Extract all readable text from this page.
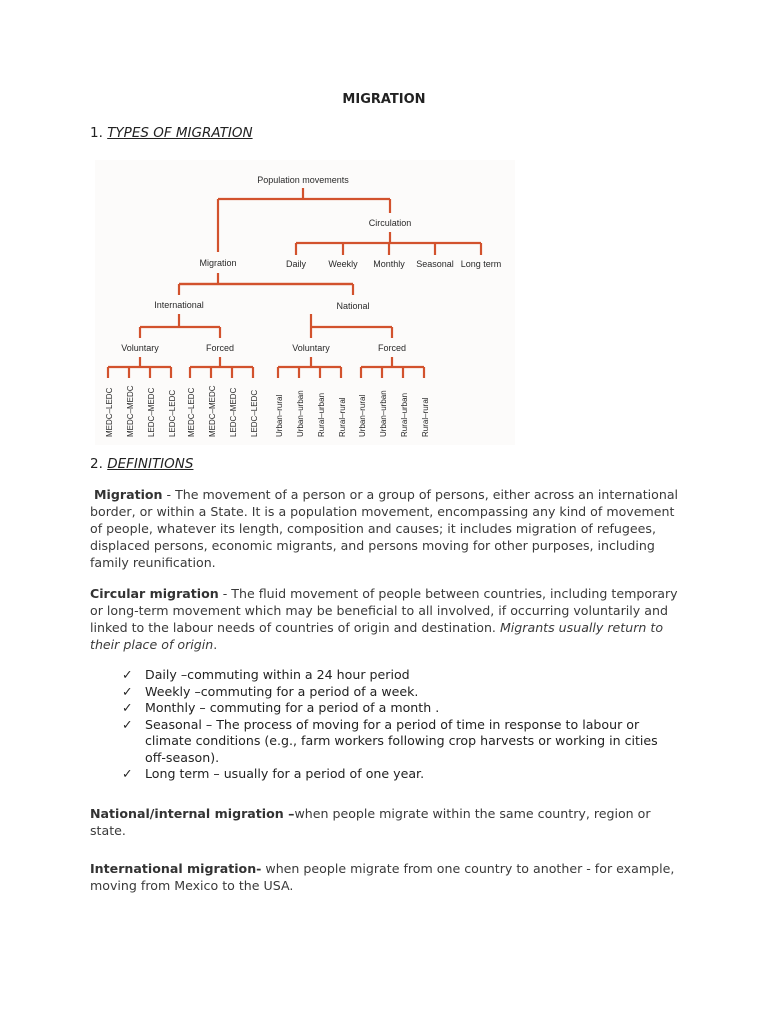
MIGRATION
1. TYPES OF MIGRATION
Population movements
Circulation
Daily Weekly Monthly Seasonal Long term
Migration
International	National
Voluntary	Forced	Voluntary	Forced
MEDC–LEDC MEDC–MEDC LEDC–MEDC LEDC–LEDC MEDC–LEDC MEDC–MEDC LEDC–MEDC LEDC–LEDC Urban–rural Urban–urban Rural–urban Rural–rural Urban–rural Urban–urban Rural–urban Rural–rural
2. DEFINITIONS
Migration - The movement of a person or a group of persons, either across an international border, or within a State. It is a population movement, encompassing any kind of movement of people, whatever its length, composition and causes; it includes migration of refugees, displaced persons, economic migrants, and persons moving for other purposes, including family reunification.
Circular migration - The fluid movement of people between countries, including temporary or long-term movement which may be beneficial to all involved, if occurring voluntarily and linked to the labour needs of countries of origin and destination. Migrants usually return to their place of origin.
✓ Daily –commuting within a 24 hour period
✓ Weekly –commuting for a period of a week.
✓ Monthly – commuting for a period of a month .
✓ Seasonal – The process of moving for a period of time in response to labour or climate conditions (e.g., farm workers following crop harvests or working in cities off-season).
✓ Long term – usually for a period of one year.
National/internal migration –when people migrate within the same country, region or state.
International migration- when people migrate from one country to another - for example, moving from Mexico to the USA.
